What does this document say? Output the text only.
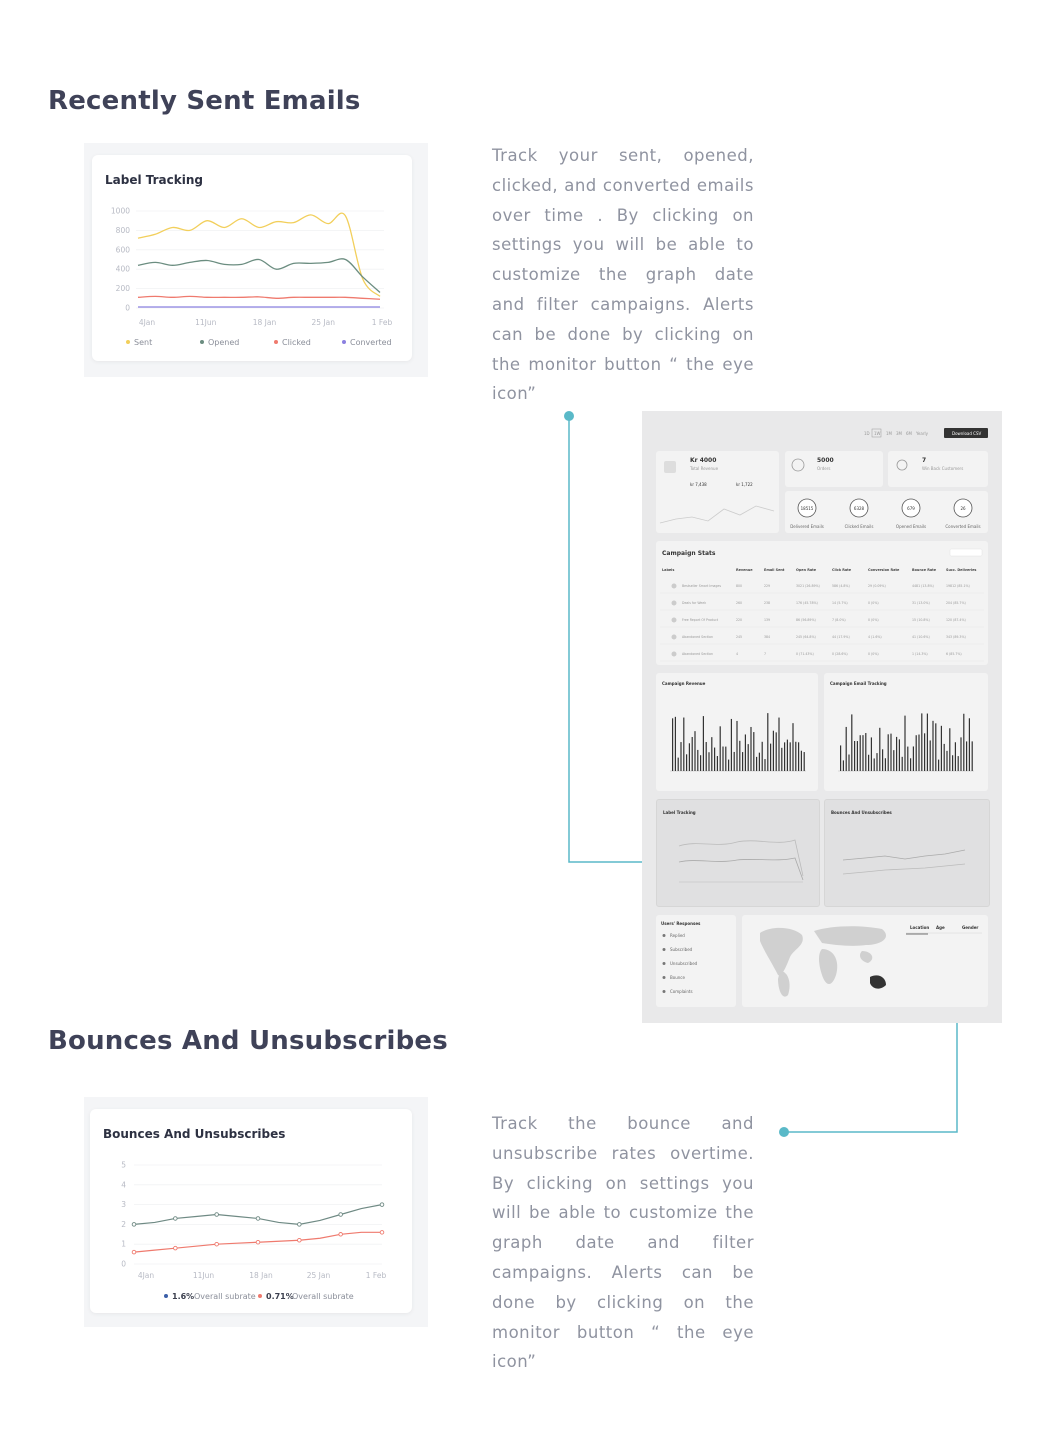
Recently Sent Emails
Label Tracking
1000
800
600
400
200
0
4Jan	11Jun	18 Jan	25 Jan	1 Feb
Sent	Opened	Clicked	Converted
Track your sent, opened, clicked, and converted emails over time . By clicking on settings you will be able to customize the graph date and filter campaigns. Alerts can be done by clicking on the monitor button “ the eye icon”
1D 1W 1M 3M 6M Yearly	Download CSV
Kr 4000
Total Revenue
kr 7,438	kr 1,722
5000
Orders
7
Win Back Customers
18515
Delivered Emails
6328
Clicked Emails
679
Opened Emails
26
Converted Emails
Campaign Stats
Labels	Revenue	Email Sent	Open Rate	Click Rate	Conversion Rate	Bounce Rate	Succ. Deliveries
Bestseller Smart Images	800	229	3021 (26.89%)	586 (4.8%)	29 (0.09%)	4481 (13.8%)	19812 (85.1%)
Deals for Week	260	238	176 (45.78%)	14 (5.7%)	0 (0%)	31 (13.0%)	204 (85.7%)
Free Report Of Product	220	139	86 (56.89%)	7 (8.0%)	0 (0%)	15 (10.8%)	120 (87.4%)
Abandoned Section	245	384	245 (64.8%)	44 (17.9%)	4 (1.6%)	41 (10.6%)	343 (89.3%)
Abandoned Section	4	7	0 (71.43%)	0 (28.6%)	0 (0%)	1 (14.3%)	6 (85.7%)
Campaign Revenue	Campaign Email Tracking
Label Tracking	Bounces And Unsubscribes
Users' Responses
Replied
Subscribed
Unsubscribed
Bounce
Complaints
Location Age	Gender
Bounces And Unsubscribes
Bounces And Unsubscribes
5
4
3
2
1
0
4Jan	11Jun	18 Jan	25 Jan	1 Feb
1.6% Overall subrate 0.71%
Overall subrate
Track the bounce and unsubscribe rates overtime. By clicking on settings you will be able to customize the graph date and filter campaigns. Alerts can be done by clicking on the monitor button “ the eye icon”
